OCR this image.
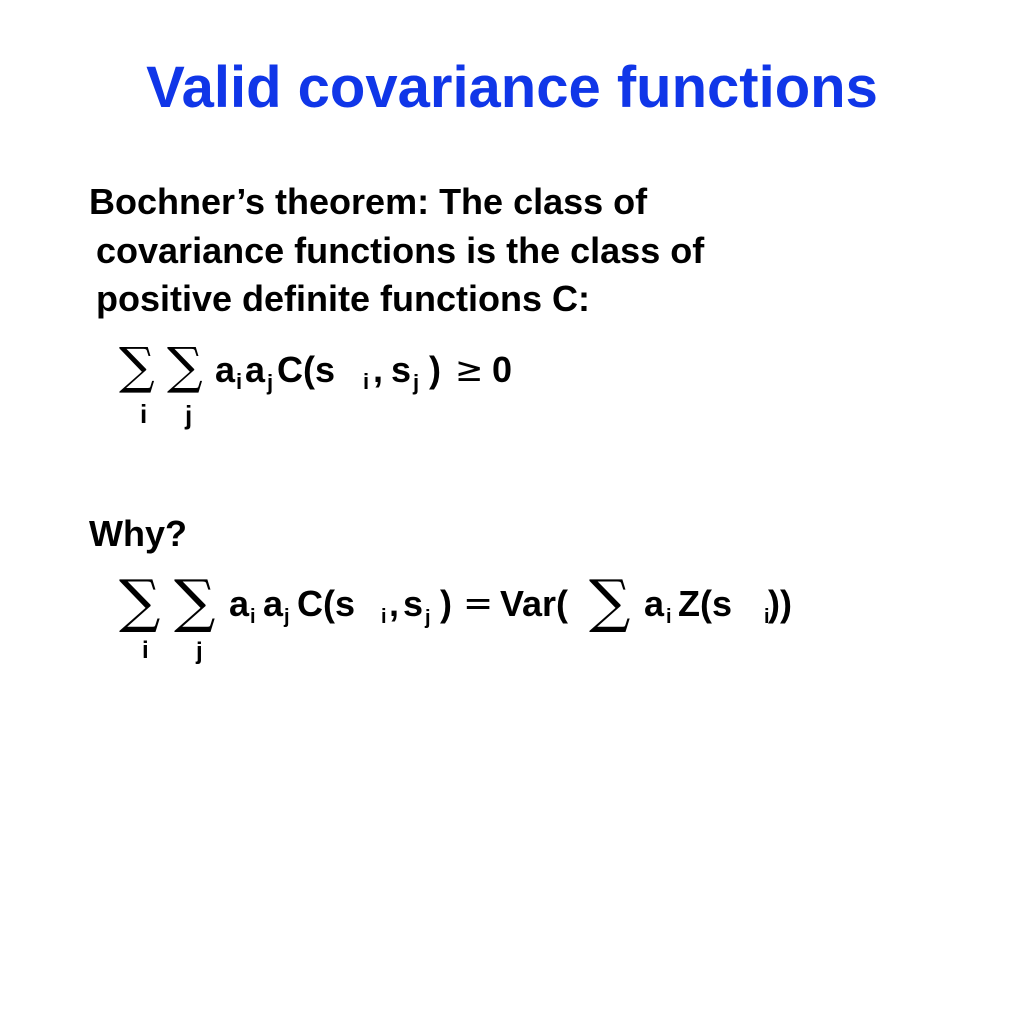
Valid covariance functions
Bochner’s theorem: The class of
covariance functions is the class of
positive definite functions C:
∑
i
∑
j
a i a j C(s i , s j ) ≥ 0
Why?
∑
i
∑
j
a i a j C(s i , s j ) = Var( ∑ a i Z(s i
))
